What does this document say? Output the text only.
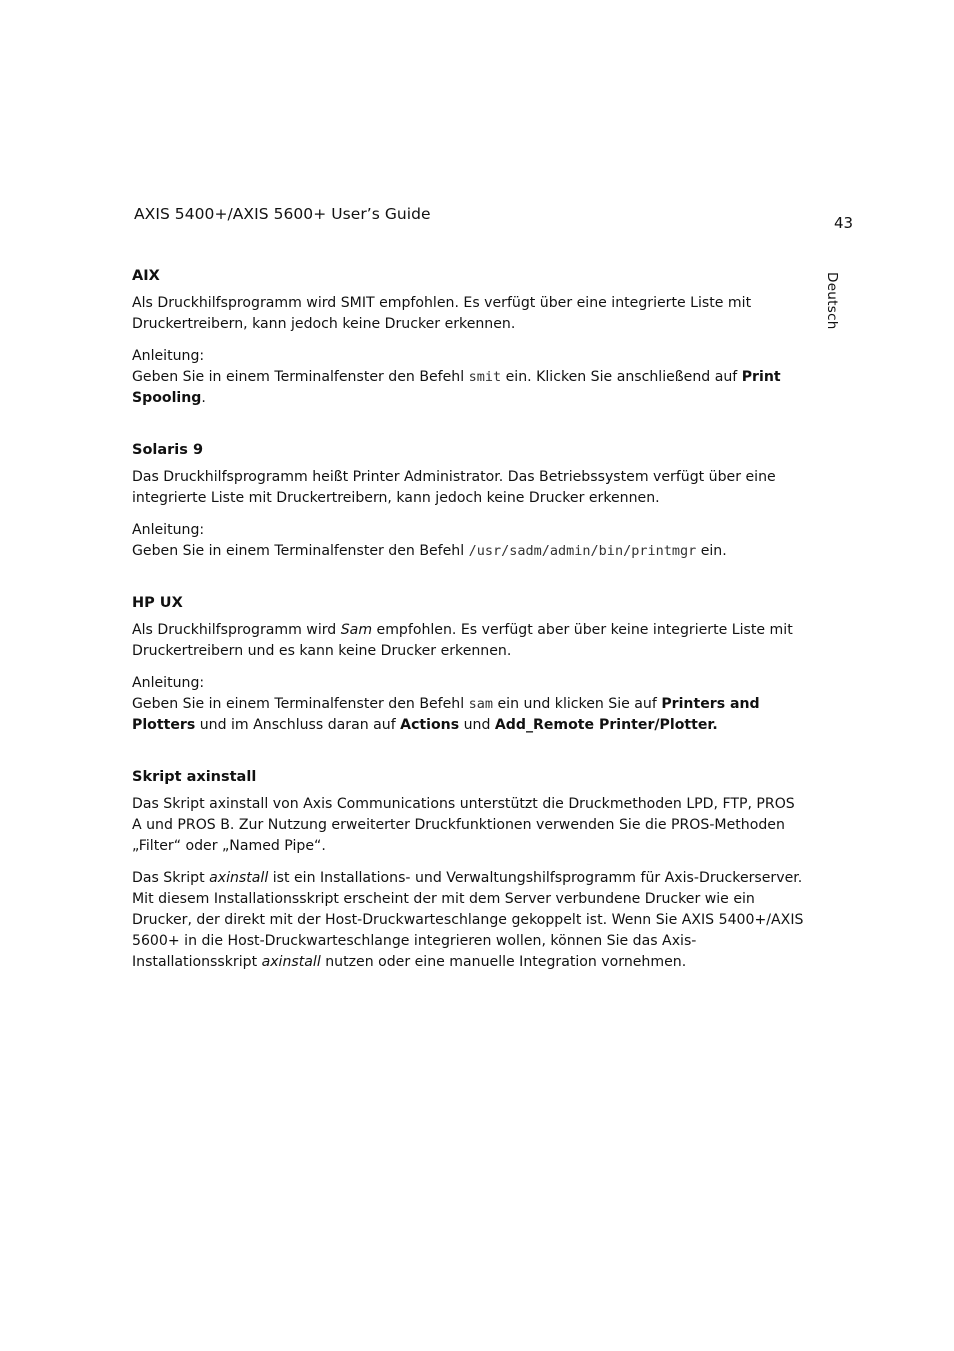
AXIS 5400+/AXIS 5600+ User’s Guide	43
Deutsch
AIX

Als Druckhilfsprogramm wird SMIT empfohlen. Es verfügt über eine integrierte Liste mit Druckertreibern, kann jedoch keine Drucker erkennen.

Anleitung:
Geben Sie in einem Terminalfenster den Befehl smit ein. Klicken Sie anschließend auf Print Spooling.

Solaris 9

Das Druckhilfsprogramm heißt Printer Administrator. Das Betriebssystem verfügt über eine integrierte Liste mit Druckertreibern, kann jedoch keine Drucker erkennen.

Anleitung:
Geben Sie in einem Terminalfenster den Befehl /usr/sadm/admin/bin/printmgr ein.

HP UX

Als Druckhilfsprogramm wird Sam empfohlen. Es verfügt aber über keine integrierte Liste mit Druckertreibern und es kann keine Drucker erkennen.

Anleitung:
Geben Sie in einem Terminalfenster den Befehl sam ein und klicken Sie auf Printers and Plotters und im Anschluss daran auf Actions und Add_Remote Printer/Plotter.

Skript axinstall

Das Skript axinstall von Axis Communications unterstützt die Druckmethoden LPD, FTP, PROS A und PROS B. Zur Nutzung erweiterter Druckfunktionen verwenden Sie die PROS-Methoden „Filter“ oder „Named Pipe“.

Das Skript axinstall ist ein Installations- und Verwaltungshilfsprogramm für Axis-Druckerserver. Mit diesem Installationsskript erscheint der mit dem Server verbundene Drucker wie ein Drucker, der direkt mit der Host-Druckwarteschlange gekoppelt ist. Wenn Sie AXIS 5400+/AXIS 5600+ in die Host-Druckwarteschlange integrieren wollen, können Sie das Axis-Installationsskript axinstall nutzen oder eine manuelle Integration vornehmen.
